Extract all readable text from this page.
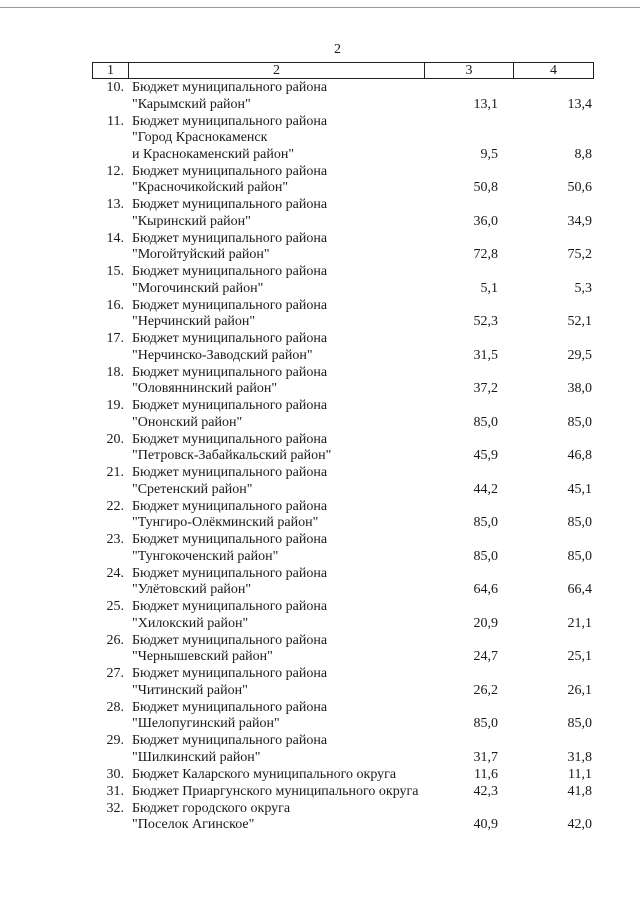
2
1	2	3	4
10. Бюджет муниципального района
"Карымский район"	13,1	13,4
11. Бюджет муниципального района
"Город Краснокаменск
и Краснокаменский район"	9,5	8,8
12. Бюджет муниципального района
"Красночикойский район"	50,8	50,6
13. Бюджет муниципального района
"Кыринский район"	36,0	34,9
14. Бюджет муниципального района
"Могойтуйский район"	72,8	75,2
15. Бюджет муниципального района
"Могочинский район"	5,1	5,3
16. Бюджет муниципального района
"Нерчинский район"	52,3	52,1
17. Бюджет муниципального района
"Нерчинско-Заводский район"	31,5	29,5
18. Бюджет муниципального района
"Оловяннинский район"	37,2	38,0
19. Бюджет муниципального района
"Ононский район"	85,0	85,0
20. Бюджет муниципального района
"Петровск-Забайкальский район"	45,9	46,8
21. Бюджет муниципального района
"Сретенский район"	44,2	45,1
22. Бюджет муниципального района
"Тунгиро-Олёкминский район"	85,0	85,0
23. Бюджет муниципального района
"Тунгокоченский район"	85,0	85,0
24. Бюджет муниципального района
"Улётовский район"	64,6	66,4
25. Бюджет муниципального района
"Хилокский район"	20,9	21,1
26. Бюджет муниципального района
"Чернышевский район"	24,7	25,1
27. Бюджет муниципального района
"Читинский район"	26,2	26,1
28. Бюджет муниципального района
"Шелопугинский район"	85,0	85,0
29. Бюджет муниципального района
"Шилкинский район"	31,7	31,8
30. Бюджет Каларского муниципального округа	11,6	11,1
31. Бюджет Приаргунского муниципального округа	42,3	41,8
32. Бюджет городского округа
"Поселок Агинское"	40,9	42,0
